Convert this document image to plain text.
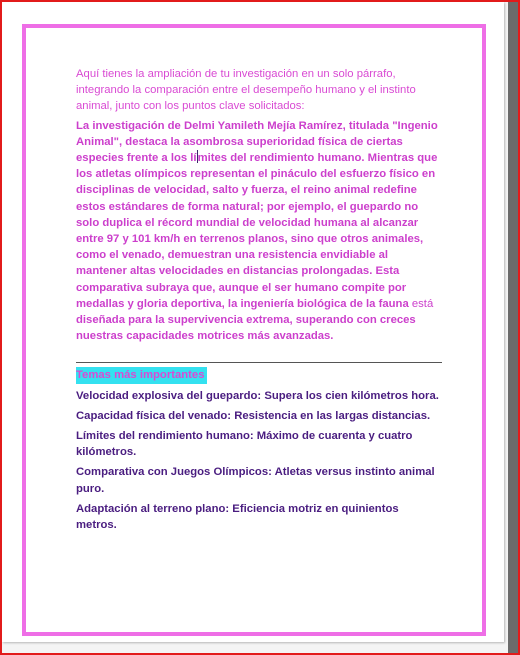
Aquí tienes la ampliación de tu investigación en un solo párrafo, integrando la comparación entre el desempeño humano y el instinto animal, junto con los puntos clave solicitados:

La investigación de Delmi Yamileth Mejía Ramírez, titulada "Ingenio Animal", destaca la asombrosa superioridad física de ciertas especies frente a los límites del rendimiento humano. Mientras que los atletas olímpicos representan el pináculo del esfuerzo físico en disciplinas de velocidad, salto y fuerza, el reino animal redefine estos estándares de forma natural; por ejemplo, el guepardo no solo duplica el récord mundial de velocidad humana al alcanzar entre 97 y 101 km/h en terrenos planos, sino que otros animales, como el venado, demuestran una resistencia envidiable al mantener altas velocidades en distancias prolongadas. Esta comparativa subraya que, aunque el ser humano compite por medallas y gloria deportiva, la ingeniería biológica de la fauna está diseñada para la supervivencia extrema, superando con creces nuestras capacidades motrices más avanzadas.

Temas más importantes

Velocidad explosiva del guepardo: Supera los cien kilómetros hora.

Capacidad física del venado: Resistencia en las largas distancias.

Límites del rendimiento humano: Máximo de cuarenta y cuatro kilómetros.

Comparativa con Juegos Olímpicos: Atletas versus instinto animal puro.

Adaptación al terreno plano: Eficiencia motriz en quinientos metros.
